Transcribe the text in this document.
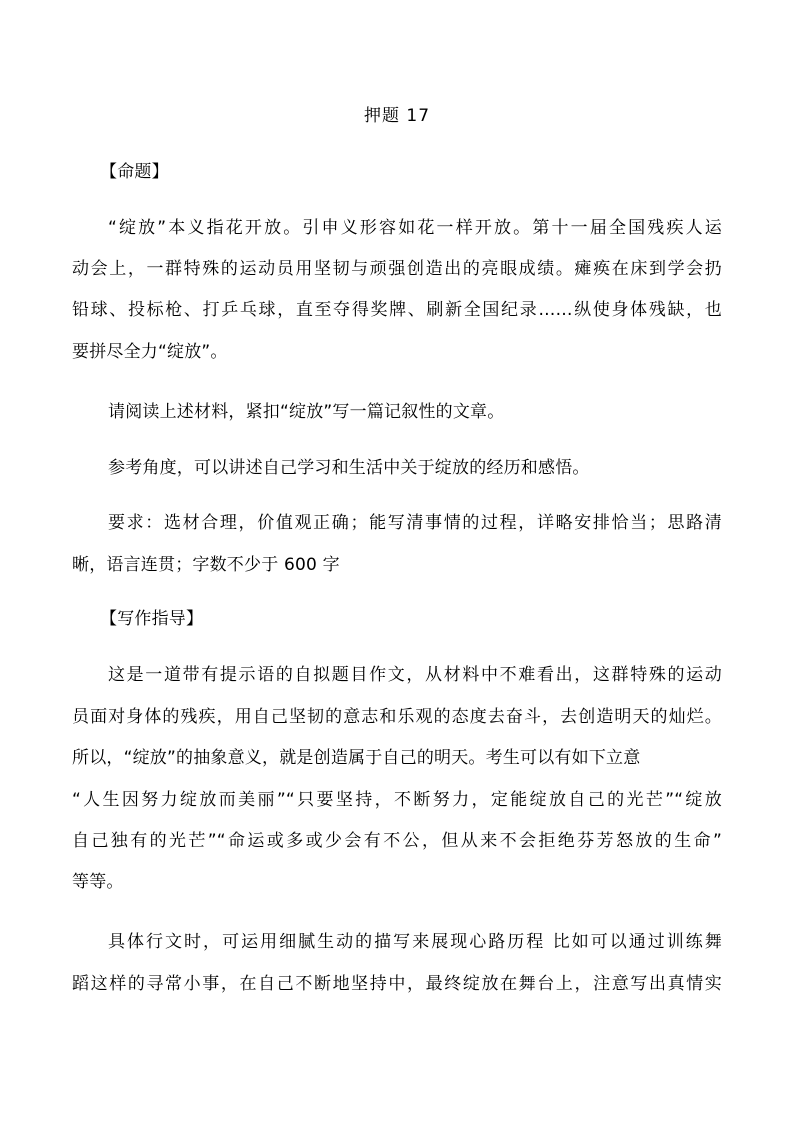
押题 17
【命题】
“绽放”本义指花开放。引申义形容如花一样开放。第十一届全国残疾人运
动会上，一群特殊的运动员用坚韧与顽强创造出的亮眼成绩。瘫痪在床到学会扔
铅球、投标枪、打乒乓球，直至夺得奖牌、刷新全国纪录……纵使身体残缺，也
要拼尽全力“绽放”。
请阅读上述材料，紧扣“绽放”写一篇记叙性的文章。
参考角度，可以讲述自己学习和生活中关于绽放的经历和感悟。
要求：选材合理，价值观正确；能写清事情的过程，详略安排恰当；思路清
晰，语言连贯；字数不少于 600 字
【写作指导】
这是一道带有提示语的自拟题目作文，从材料中不难看出，这群特殊的运动
员面对身体的残疾，用自己坚韧的意志和乐观的态度去奋斗，去创造明天的灿烂。
所以，“绽放”的抽象意义，就是创造属于自己的明天。考生可以有如下立意
“人生因努力绽放而美丽”“只要坚持，不断努力，定能绽放自己的光芒”“绽放
自己独有的光芒”“命运或多或少会有不公，但从来不会拒绝芬芳怒放的生命”
等等。
具体行文时，可运用细腻生动的描写来展现心路历程 比如可以通过训练舞
蹈这样的寻常小事，在自己不断地坚持中，最终绽放在舞台上，注意写出真情实
